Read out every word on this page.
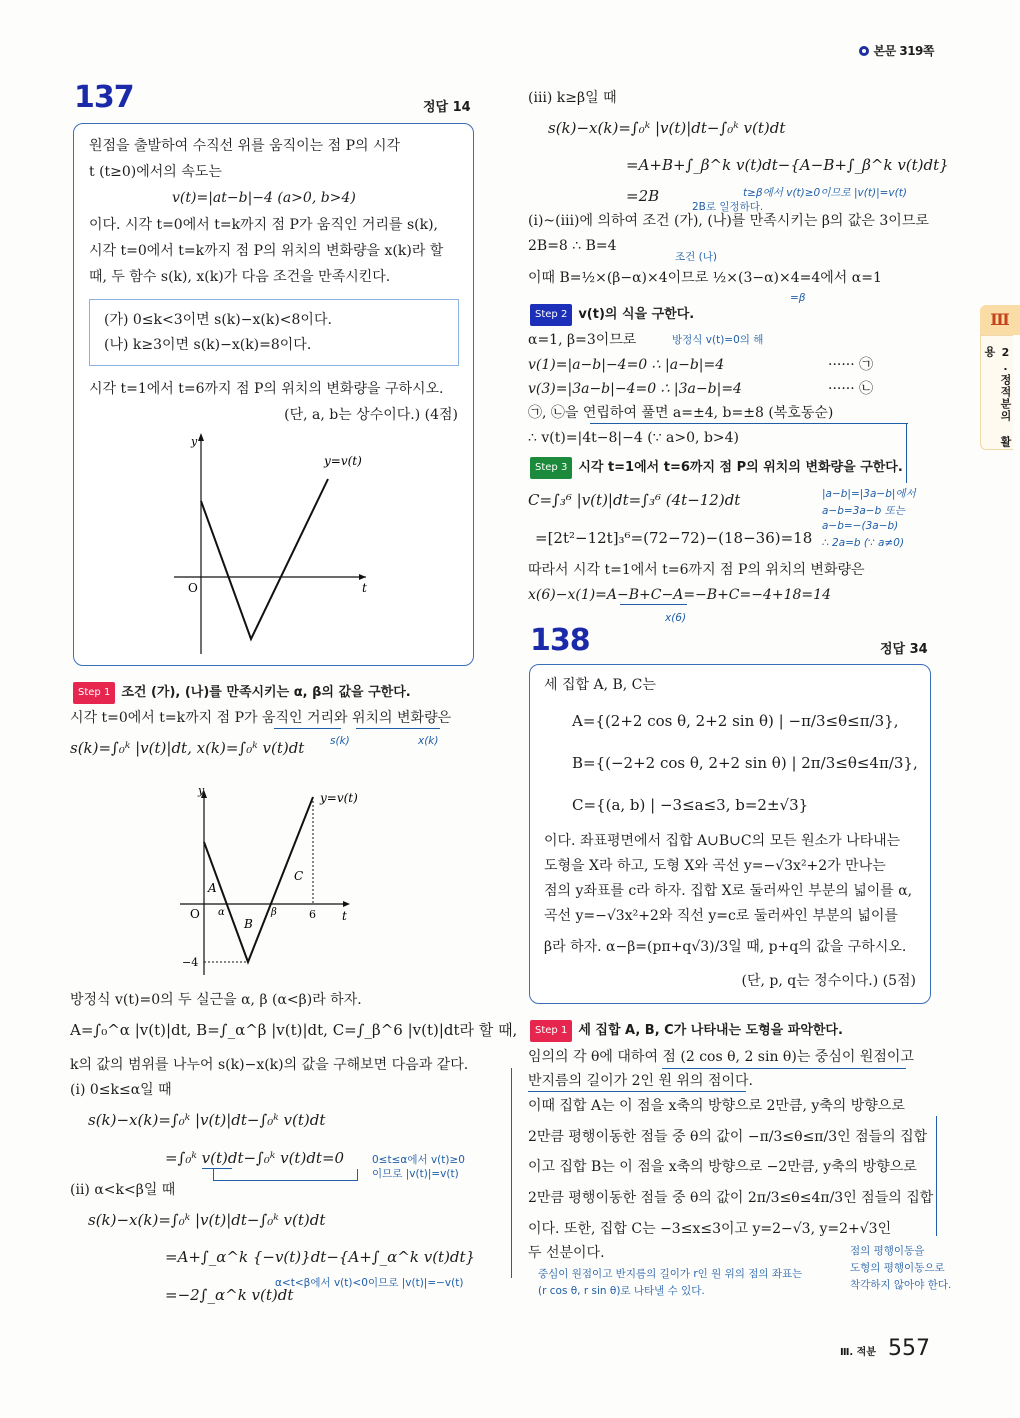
본문 319쪽
Ⅲ
2.정적분의 활용
137	정답 14
원점을 출발하여 수직선 위를 움직이는 점 P의 시각
t (t≥0)에서의 속도는
v(t)=|at−b|−4 (a>0, b>4)
이다. 시각 t=0에서 t=k까지 점 P가 움직인 거리를 s(k),
시각 t=0에서 t=k까지 점 P의 위치의 변화량을 x(k)라 할
때, 두 함수 s(k), x(k)가 다음 조건을 만족시킨다.
(가) 0≤k<3이면 s(k)−x(k)<8이다.
(나) k≥3이면 s(k)−x(k)=8이다.
시각 t=1에서 t=6까지 점 P의 위치의 변화량을 구하시오.
(단, a, b는 상수이다.) (4점)
y
t
O
y=v(t)
Step 1 조건 (가), (나)를 만족시키는 α, β의 값을 구한다.
시각 t=0에서 t=k까지 점 P가 움직인 거리와 위치의 변화량은
s(k)	x(k)
s(k)=∫₀ᵏ |v(t)|dt, x(k)=∫₀ᵏ v(t)dt
y
t
O
y=v(t)
α	β	6
−4
A
B
C
방정식 v(t)=0의 두 실근을 α, β (α<β)라 하자.
A=∫₀^α |v(t)|dt, B=∫_α^β |v(t)|dt, C=∫_β^6 |v(t)|dt라 할 때,
k의 값의 범위를 나누어 s(k)−x(k)의 값을 구해보면 다음과 같다.
(ⅰ) 0≤k≤α일 때
s(k)−x(k)=∫₀ᵏ |v(t)|dt−∫₀ᵏ v(t)dt
=∫₀ᵏ v(t)dt−∫₀ᵏ v(t)dt=0	0≤t≤α에서 v(t)≥0
이므로 |v(t)|=v(t)
(ⅱ) α<k<β일 때
s(k)−x(k)=∫₀ᵏ |v(t)|dt−∫₀ᵏ v(t)dt
=A+∫_α^k {−v(t)}dt−{A+∫_α^k v(t)dt}
α<t<β에서 v(t)<0이므로 |v(t)|=−v(t)
=−2∫_α^k v(t)dt
(ⅲ) k≥β일 때
s(k)−x(k)=∫₀ᵏ |v(t)|dt−∫₀ᵏ v(t)dt
=A+B+∫_β^k v(t)dt−{A−B+∫_β^k v(t)dt}
t≥β에서 v(t)≥0이므로 |v(t)|=v(t)
=2B
2B로 일정하다.
(ⅰ)~(ⅲ)에 의하여 조건 (가), (나)를 만족시키는 β의 값은 3이므로
2B=8 ∴ B=4
조건 (나)
이때 B=½×(β−α)×4이므로 ½×(3−α)×4=4에서 α=1
=β
Step 2 v(t)의 식을 구한다.
α=1, β=3이므로	방정식 v(t)=0의 해
v(1)=|a−b|−4=0 ∴ |a−b|=4	······ ㉠
v(3)=|3a−b|−4=0 ∴ |3a−b|=4	······ ㉡
㉠, ㉡을 연립하여 풀면 a=±4, b=±8 (복호동순)
∴ v(t)=|4t−8|−4 (∵ a>0, b>4)
Step 3 시각 t=1에서 t=6까지 점 P의 위치의 변화량을 구한다.
C=∫₃⁶ |v(t)|dt=∫₃⁶ (4t−12)dt
=[2t²−12t]₃⁶=(72−72)−(18−36)=18
|a−b|=|3a−b|에서
a−b=3a−b 또는
a−b=−(3a−b)
∴ 2a=b (∵ a≠0)
따라서 시각 t=1에서 t=6까지 점 P의 위치의 변화량은
x(6)−x(1)=A−B+C−A=−B+C=−4+18=14
x(6)
138	정답 34
세 집합 A, B, C는
A={(2+2 cos θ, 2+2 sin θ) | −π/3≤θ≤π/3},
B={(−2+2 cos θ, 2+2 sin θ) | 2π/3≤θ≤4π/3},
C={(a, b) | −3≤a≤3, b=2±√3}
이다. 좌표평면에서 집합 A∪B∪C의 모든 원소가 나타내는
도형을 X라 하고, 도형 X와 곡선 y=−√3x²+2가 만나는
점의 y좌표를 c라 하자. 집합 X로 둘러싸인 부분의 넓이를 α,
곡선 y=−√3x²+2와 직선 y=c로 둘러싸인 부분의 넓이를
β라 하자. α−β=(pπ+q√3)/3일 때, p+q의 값을 구하시오.
(단, p, q는 정수이다.) (5점)
Step 1 세 집합 A, B, C가 나타내는 도형을 파악한다.
임의의 각 θ에 대하여 점 (2 cos θ, 2 sin θ)는 중심이 원점이고
반지름의 길이가 2인 원 위의 점이다.
이때 집합 A는 이 점을 x축의 방향으로 2만큼, y축의 방향으로
2만큼 평행이동한 점들 중 θ의 값이 −π/3≤θ≤π/3인 점들의 집합
이고 집합 B는 이 점을 x축의 방향으로 −2만큼, y축의 방향으로
2만큼 평행이동한 점들 중 θ의 값이 2π/3≤θ≤4π/3인 점들의 집합
이다. 또한, 집합 C는 −3≤x≤3이고 y=2−√3, y=2+√3인
두 선분이다.	점의 평행이동을
도형의 평행이동으로
착각하지 않아야 한다.
중심이 원점이고 반지름의 길이가 r인 원 위의 점의 좌표는
(r cos θ, r sin θ)로 나타낼 수 있다.
Ⅲ. 적분 557
